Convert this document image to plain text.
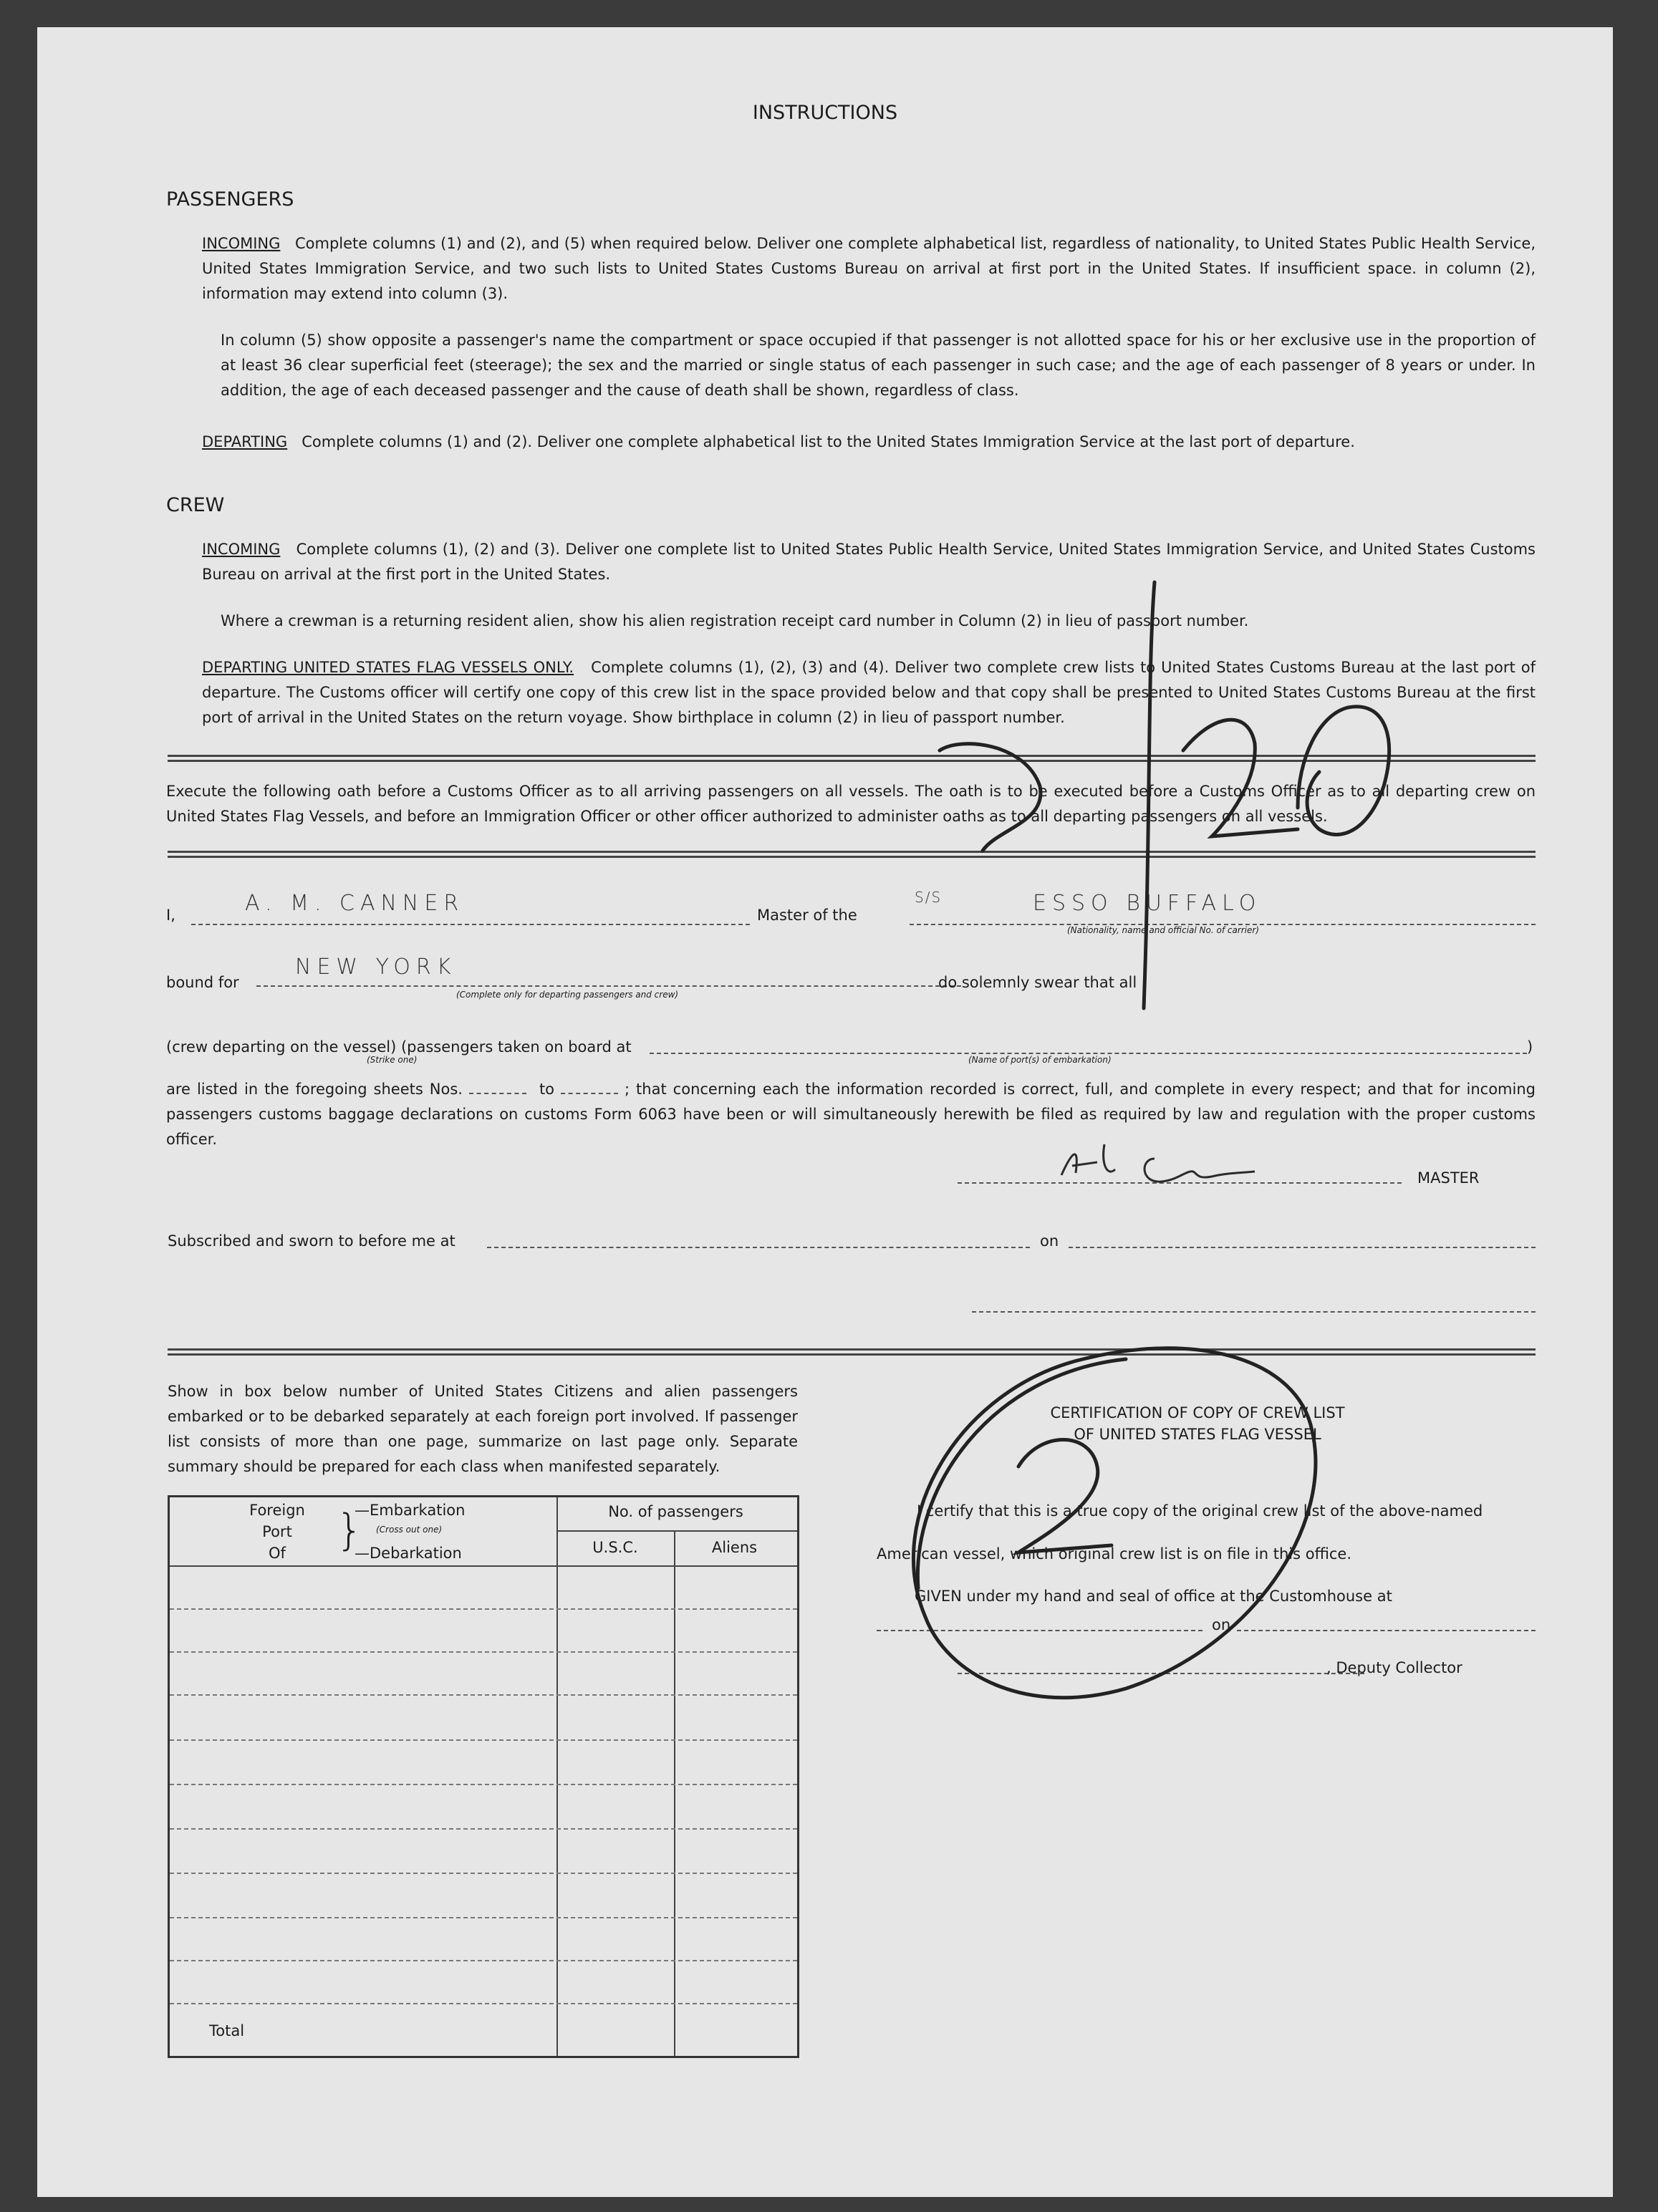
INSTRUCTIONS
PASSENGERS
INCOMING Complete columns (1) and (2), and (5) when required below. Deliver one complete alphabetical list, regardless of nationality, to United States Public Health Service, United States Immigration Service, and two such lists to United States Customs Bureau on arrival at first port in the United States. If insufficient space. in column (2), information may extend into column (3).
In column (5) show opposite a passenger's name the compartment or space occupied if that passenger is not allotted space for his or her exclusive use in the proportion of at least 36 clear superficial feet (steerage); the sex and the married or single status of each passenger in such case; and the age of each passenger of 8 years or under. In addition, the age of each deceased passenger and the cause of death shall be shown, regardless of class.
DEPARTING Complete columns (1) and (2). Deliver one complete alphabetical list to the United States Immigration Service at the last port of departure.
CREW
INCOMING Complete columns (1), (2) and (3). Deliver one complete list to United States Public Health Service, United States Immigration Service, and United States Customs Bureau on arrival at the first port in the United States.
Where a crewman is a returning resident alien, show his alien registration receipt card number in Column (2) in lieu of passport number.
DEPARTING UNITED STATES FLAG VESSELS ONLY. Complete columns (1), (2), (3) and (4). Deliver two complete crew lists to United States Customs Bureau at the last port of departure. The Customs officer will certify one copy of this crew list in the space provided below and that copy shall be presented to United States Customs Bureau at the first port of arrival in the United States on the return voyage. Show birthplace in column (2) in lieu of passport number.
Execute the following oath before a Customs Officer as to all arriving passengers on all vessels. The oath is to be executed before a Customs Officer as to all departing crew on United States Flag Vessels, and before an Immigration Officer or other officer authorized to administer oaths as to all departing passengers on all vessels.
I,	A. M. CANNER	Master of the
S/S	ESSO BUFFALO
(Nationality, name and official No. of carrier)
bound for
NEW YORK
(Complete only for departing passengers and crew)
do solemnly swear that all
(crew departing on the vessel) (passengers taken on board at
(Strike one)	(Name of port(s) of embarkation)
)
are listed in the foregoing sheets Nos.	to	; that concerning each the information recorded is correct, full, and complete in every respect; and that for incoming passengers customs baggage declarations on customs Form 6063 have been or will simultaneously herewith be filed as required by law and regulation with the proper customs officer.
MASTER
Subscribed and sworn to before me at	on
Show in box below number of United States Citizens and alien passengers embarked or to be debarked separately at each foreign port involved. If passenger list consists of more than one page, summarize on last page only. Separate summary should be prepared for each class when manifested separately.
Foreign
Port
Of	}
—Embarkation
(Cross out one)
—Debarkation
No. of passengers
U.S.C.	Aliens
Total
CERTIFICATION OF COPY OF CREW LIST
OF UNITED STATES FLAG VESSEL
I certify that this is a true copy of the original crew list of the above-named
American vessel, which original crew list is on file in this office.
GIVEN under my hand and seal of office at the Customhouse at
on
, Deputy Collector
